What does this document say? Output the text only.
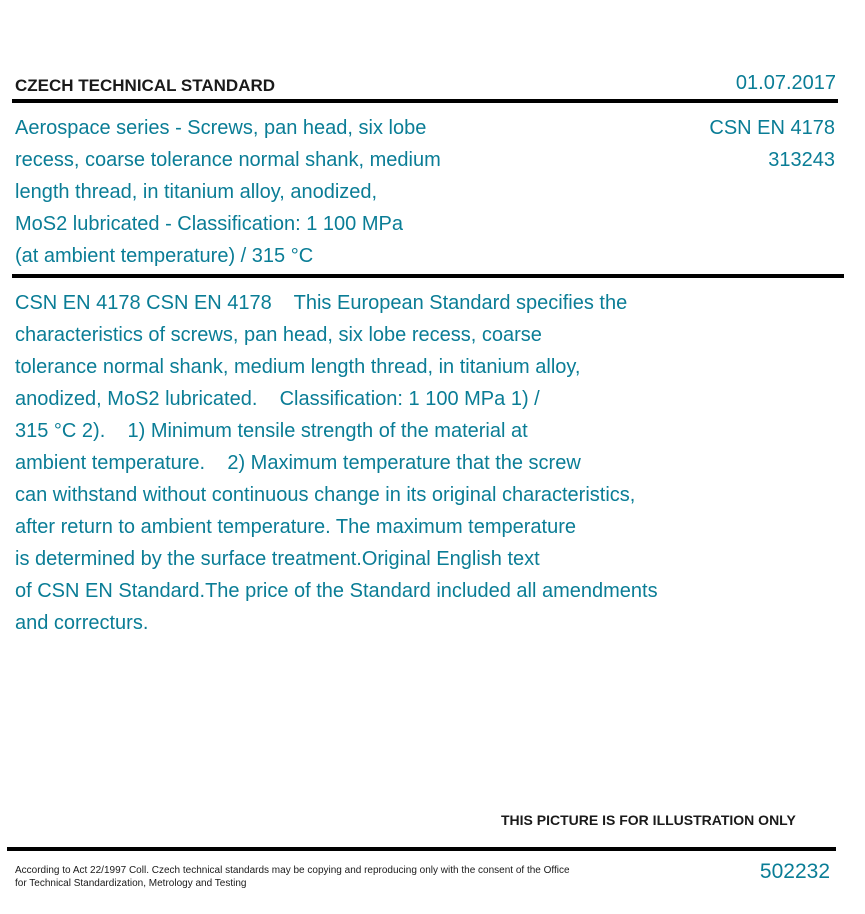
CZECH TECHNICAL STANDARD	01.07.2017
Aerospace series - Screws, pan head, six lobe
recess, coarse tolerance normal shank, medium
length thread, in titanium alloy, anodized,
MoS2 lubricated - Classification: 1 100 MPa
(at ambient temperature) / 315 °C
CSN EN 4178
313243
CSN EN 4178 CSN EN 4178    This European Standard specifies the
characteristics of screws, pan head, six lobe recess, coarse
tolerance normal shank, medium length thread, in titanium alloy,
anodized, MoS2 lubricated.    Classification: 1 100 MPa 1) /
315 °C 2).    1) Minimum tensile strength of the material at
ambient temperature.    2) Maximum temperature that the screw
can withstand without continuous change in its original characteristics,
after return to ambient temperature. The maximum temperature
is determined by the surface treatment.Original English text
of CSN EN Standard.The price of the Standard included all amendments
and correcturs.
THIS PICTURE IS FOR ILLUSTRATION ONLY
According to Act 22/1997 Coll. Czech technical standards may be copying and reproducing only with the consent of the Office
for Technical Standardization, Metrology and Testing
502232
